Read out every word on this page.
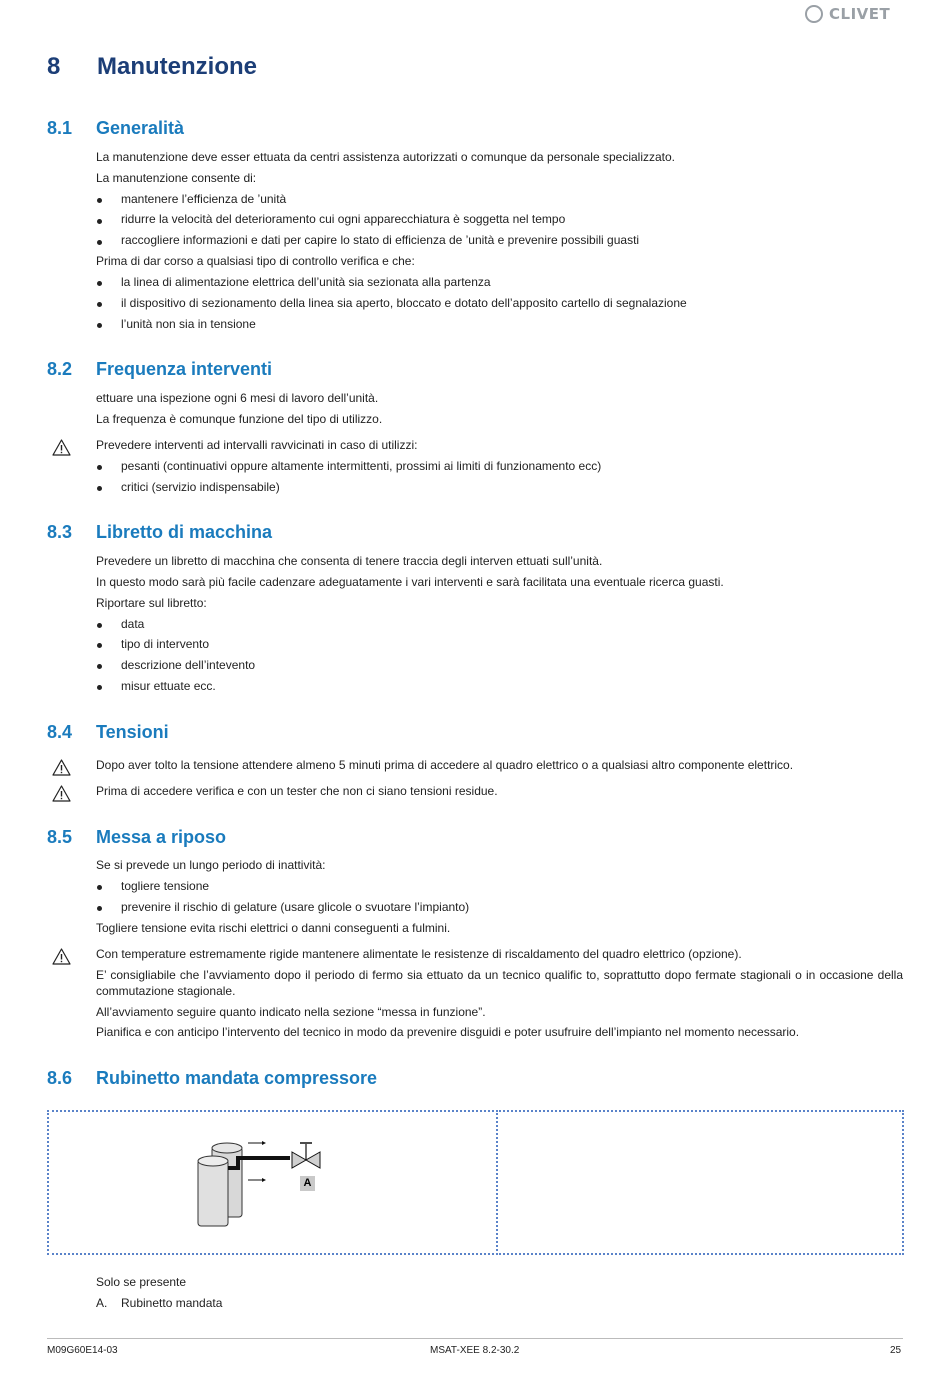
CLIVET
8 Manutenzione
8.1 Generalità
La manutenzione deve esser ettuata da centri assistenza autorizzati o comunque da personale specializzato.
La manutenzione consente di:
mantenere l’efficienza de ’unità
ridurre la velocità del deterioramento cui ogni apparecchiatura è soggetta nel tempo
raccogliere informazioni e dati per capire lo stato di efficienza de ’unità e prevenire possibili guasti
Prima di dar corso a qualsiasi tipo di controllo verifica e che:
la linea di alimentazione elettrica dell’unità sia sezionata alla partenza
il dispositivo di sezionamento della linea sia aperto, bloccato e dotato dell’apposito cartello di segnalazione
l’unità non sia in tensione
8.2 Frequenza interventi
ettuare una ispezione ogni 6 mesi di lavoro dell’unità.
La frequenza è comunque funzione del tipo di utilizzo.
Prevedere interventi ad intervalli ravvicinati in caso di utilizzi:
pesanti (continuativi oppure altamente intermittenti, prossimi ai limiti di funzionamento ecc)
critici (servizio indispensabile)
8.3 Libretto di macchina
Prevedere un libretto di macchina che consenta di tenere traccia degli interven ettuati sull’unità.
In questo modo sarà più facile cadenzare adeguatamente i vari interventi e sarà facilitata una eventuale ricerca guasti.
Riportare sul libretto:
data
tipo di intervento
descrizione dell’intevento
misur ettuate ecc.
8.4 Tensioni
Dopo aver tolto la tensione attendere almeno 5 minuti prima di accedere al quadro elettrico o a qualsiasi altro componente elettrico.
Prima di accedere verifica e con un tester che non ci siano tensioni residue.
8.5 Messa a riposo
Se si prevede un lungo periodo di inattività:
togliere tensione
prevenire il rischio di gelature (usare glicole o svuotare l’impianto)
Togliere tensione evita rischi elettrici o danni conseguenti a fulmini.
Con temperature estremamente rigide mantenere alimentate le resistenze di riscaldamento del quadro elettrico (opzione).
E’ consigliabile che l’avviamento dopo il periodo di fermo sia ettuato da un tecnico qualific to, soprattutto dopo fermate stagionali o in occasione della commutazione stagionale.
All’avviamento seguire quanto indicato nella sezione “messa in funzione”.
Pianifica e con anticipo l’intervento del tecnico in modo da prevenire disguidi e poter usufruire dell’impianto nel momento necessario.
8.6 Rubinetto mandata compressore
A
Solo se presente
A. Rubinetto mandata
M09G60E14-03	MSAT-XEE 8.2-30.2	25
